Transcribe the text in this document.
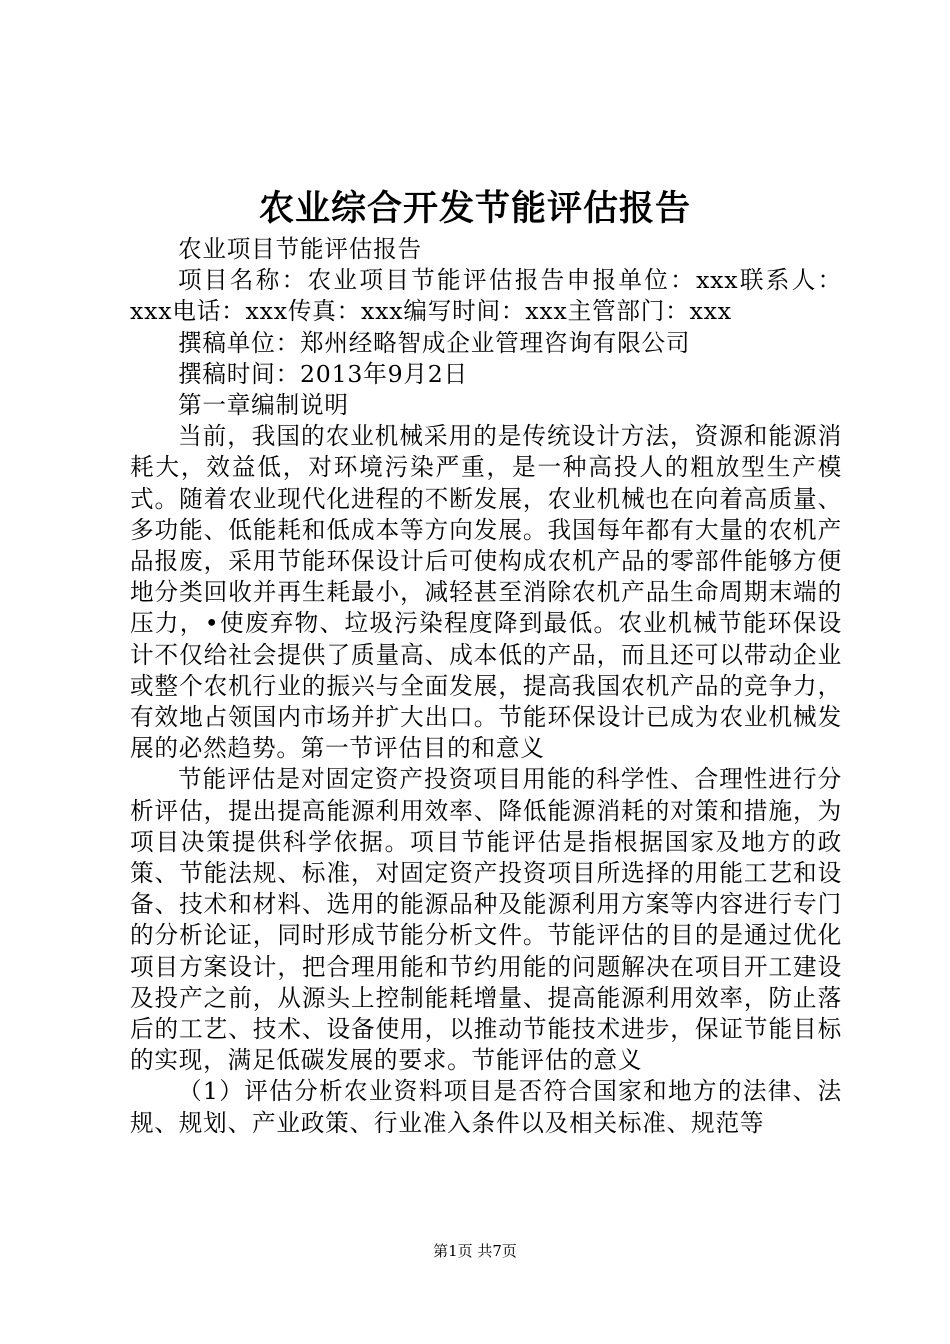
农业综合开发节能评估报告

农业项目节能评估报告

项目名称：农业项目节能评估报告申报单位：xxx联系人：xxx电话：xxx传真：xxx编写时间：xxx主管部门：xxx

撰稿单位：郑州经略智成企业管理咨询有限公司

撰稿时间：2013年9月2日

第一章编制说明

当前，我国的农业机械采用的是传统设计方法，资源和能源消耗大，效益低，对环境污染严重，是一种高投人的粗放型生产模式。随着农业现代化进程的不断发展，农业机械也在向着高质量、多功能、低能耗和低成本等方向发展。我国每年都有大量的农机产品报废，采用节能环保设计后可使构成农机产品的零部件能够方便地分类回收并再生耗最小，减轻甚至消除农机产品生命周期末端的压力，•使废弃物、垃圾污染程度降到最低。农业机械节能环保设计不仅给社会提供了质量高、成本低的产品，而且还可以带动企业或整个农机行业的振兴与全面发展，提高我国农机产品的竞争力，有效地占领国内市场并扩大出口。节能环保设计已成为农业机械发展的必然趋势。第一节评估目的和意义

节能评估是对固定资产投资项目用能的科学性、合理性进行分析评估，提出提高能源利用效率、降低能源消耗的对策和措施，为项目决策提供科学依据。项目节能评估是指根据国家及地方的政策、节能法规、标准，对固定资产投资项目所选择的用能工艺和设备、技术和材料、选用的能源品种及能源利用方案等内容进行专门的分析论证，同时形成节能分析文件。节能评估的目的是通过优化项目方案设计，把合理用能和节约用能的问题解决在项目开工建设及投产之前，从源头上控制能耗增量、提高能源利用效率，防止落后的工艺、技术、设备使用，以推动节能技术进步，保证节能目标的实现，满足低碳发展的要求。节能评估的意义

（1）评估分析农业资料项目是否符合国家和地方的法律、法规、规划、产业政策、行业准入条件以及相关标准、规范等

第1页 共7页
